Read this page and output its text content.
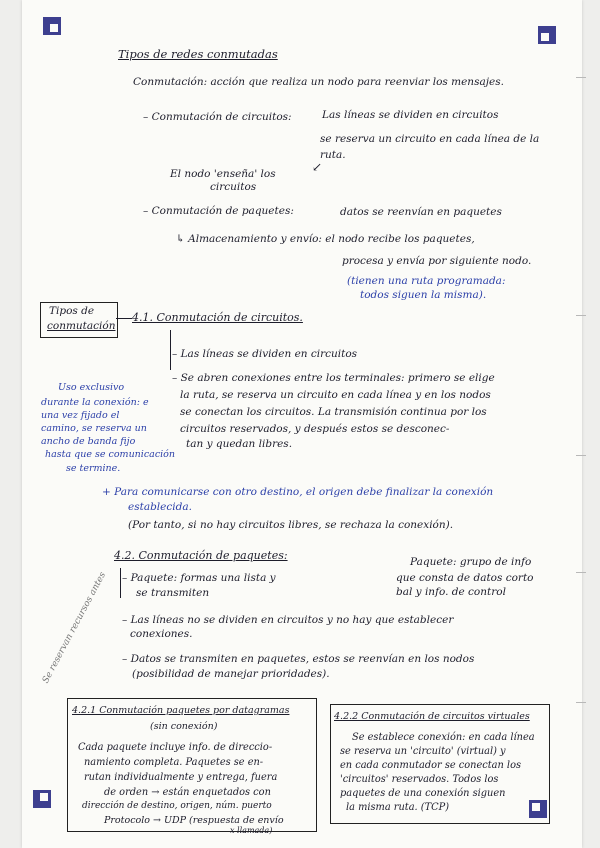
Tipos de redes conmutadas
Conmutación: acción que realiza un nodo para reenviar los mensajes.
– Conmutación de circuitos:	Las líneas se dividen en circuitos
se reserva un circuito en cada línea de la
ruta.
↙
El nodo 'enseña' los
circuitos
– Conmutación de paquetes:	datos se reenvían en paquetes
↳ Almacenamiento y envío: el nodo recibe los paquetes,
procesa y envía por siguiente nodo.
(tienen una ruta programada:
todos siguen la misma).
Tipos de
conmutación
4.1. Conmutación de circuitos.
– Las líneas se dividen en circuitos
– Se abren conexiones entre los terminales: primero se elige
la ruta, se reserva un circuito en cada línea y en los nodos
se conectan los circuitos. La transmisión continua por los
circuitos reservados, y después estos se desconec-
tan y quedan libres.
Uso exclusivo
durante la conexión: e
una vez fijado el
camino, se reserva un
ancho de banda fijo
hasta que se comunicación
se termine.
+ Para comunicarse con otro destino, el origen debe finalizar la conexión
establecida.
(Por tanto, si no hay circuitos libres, se rechaza la conexión).
4.2. Conmutación de paquetes:	Paquete: grupo de info
que consta de datos corto
bal y info. de control
– Paquete: formas una lista y
se transmiten
– Las líneas no se dividen en circuitos y no hay que establecer
conexiones.
– Datos se transmiten en paquetes, estos se reenvían en los nodos
(posibilidad de manejar prioridades).
Se reservan recursos antes
4.2.1 Conmutación paquetes por datagramas
(sin conexión)
Cada paquete incluye info. de direccio-
namiento completa. Paquetes se en-
rutan individualmente y entrega, fuera
de orden → están enquetados con
dirección de destino, origen, núm. puerto
Protocolo → UDP (respuesta de envío
x llamada)
4.2.2 Conmutación de circuitos virtuales
Se establece conexión: en cada línea
se reserva un 'circuito' (virtual) y
en cada conmutador se conectan los
'circuitos' reservados. Todos los
paquetes de una conexión siguen
la misma ruta. (TCP)
